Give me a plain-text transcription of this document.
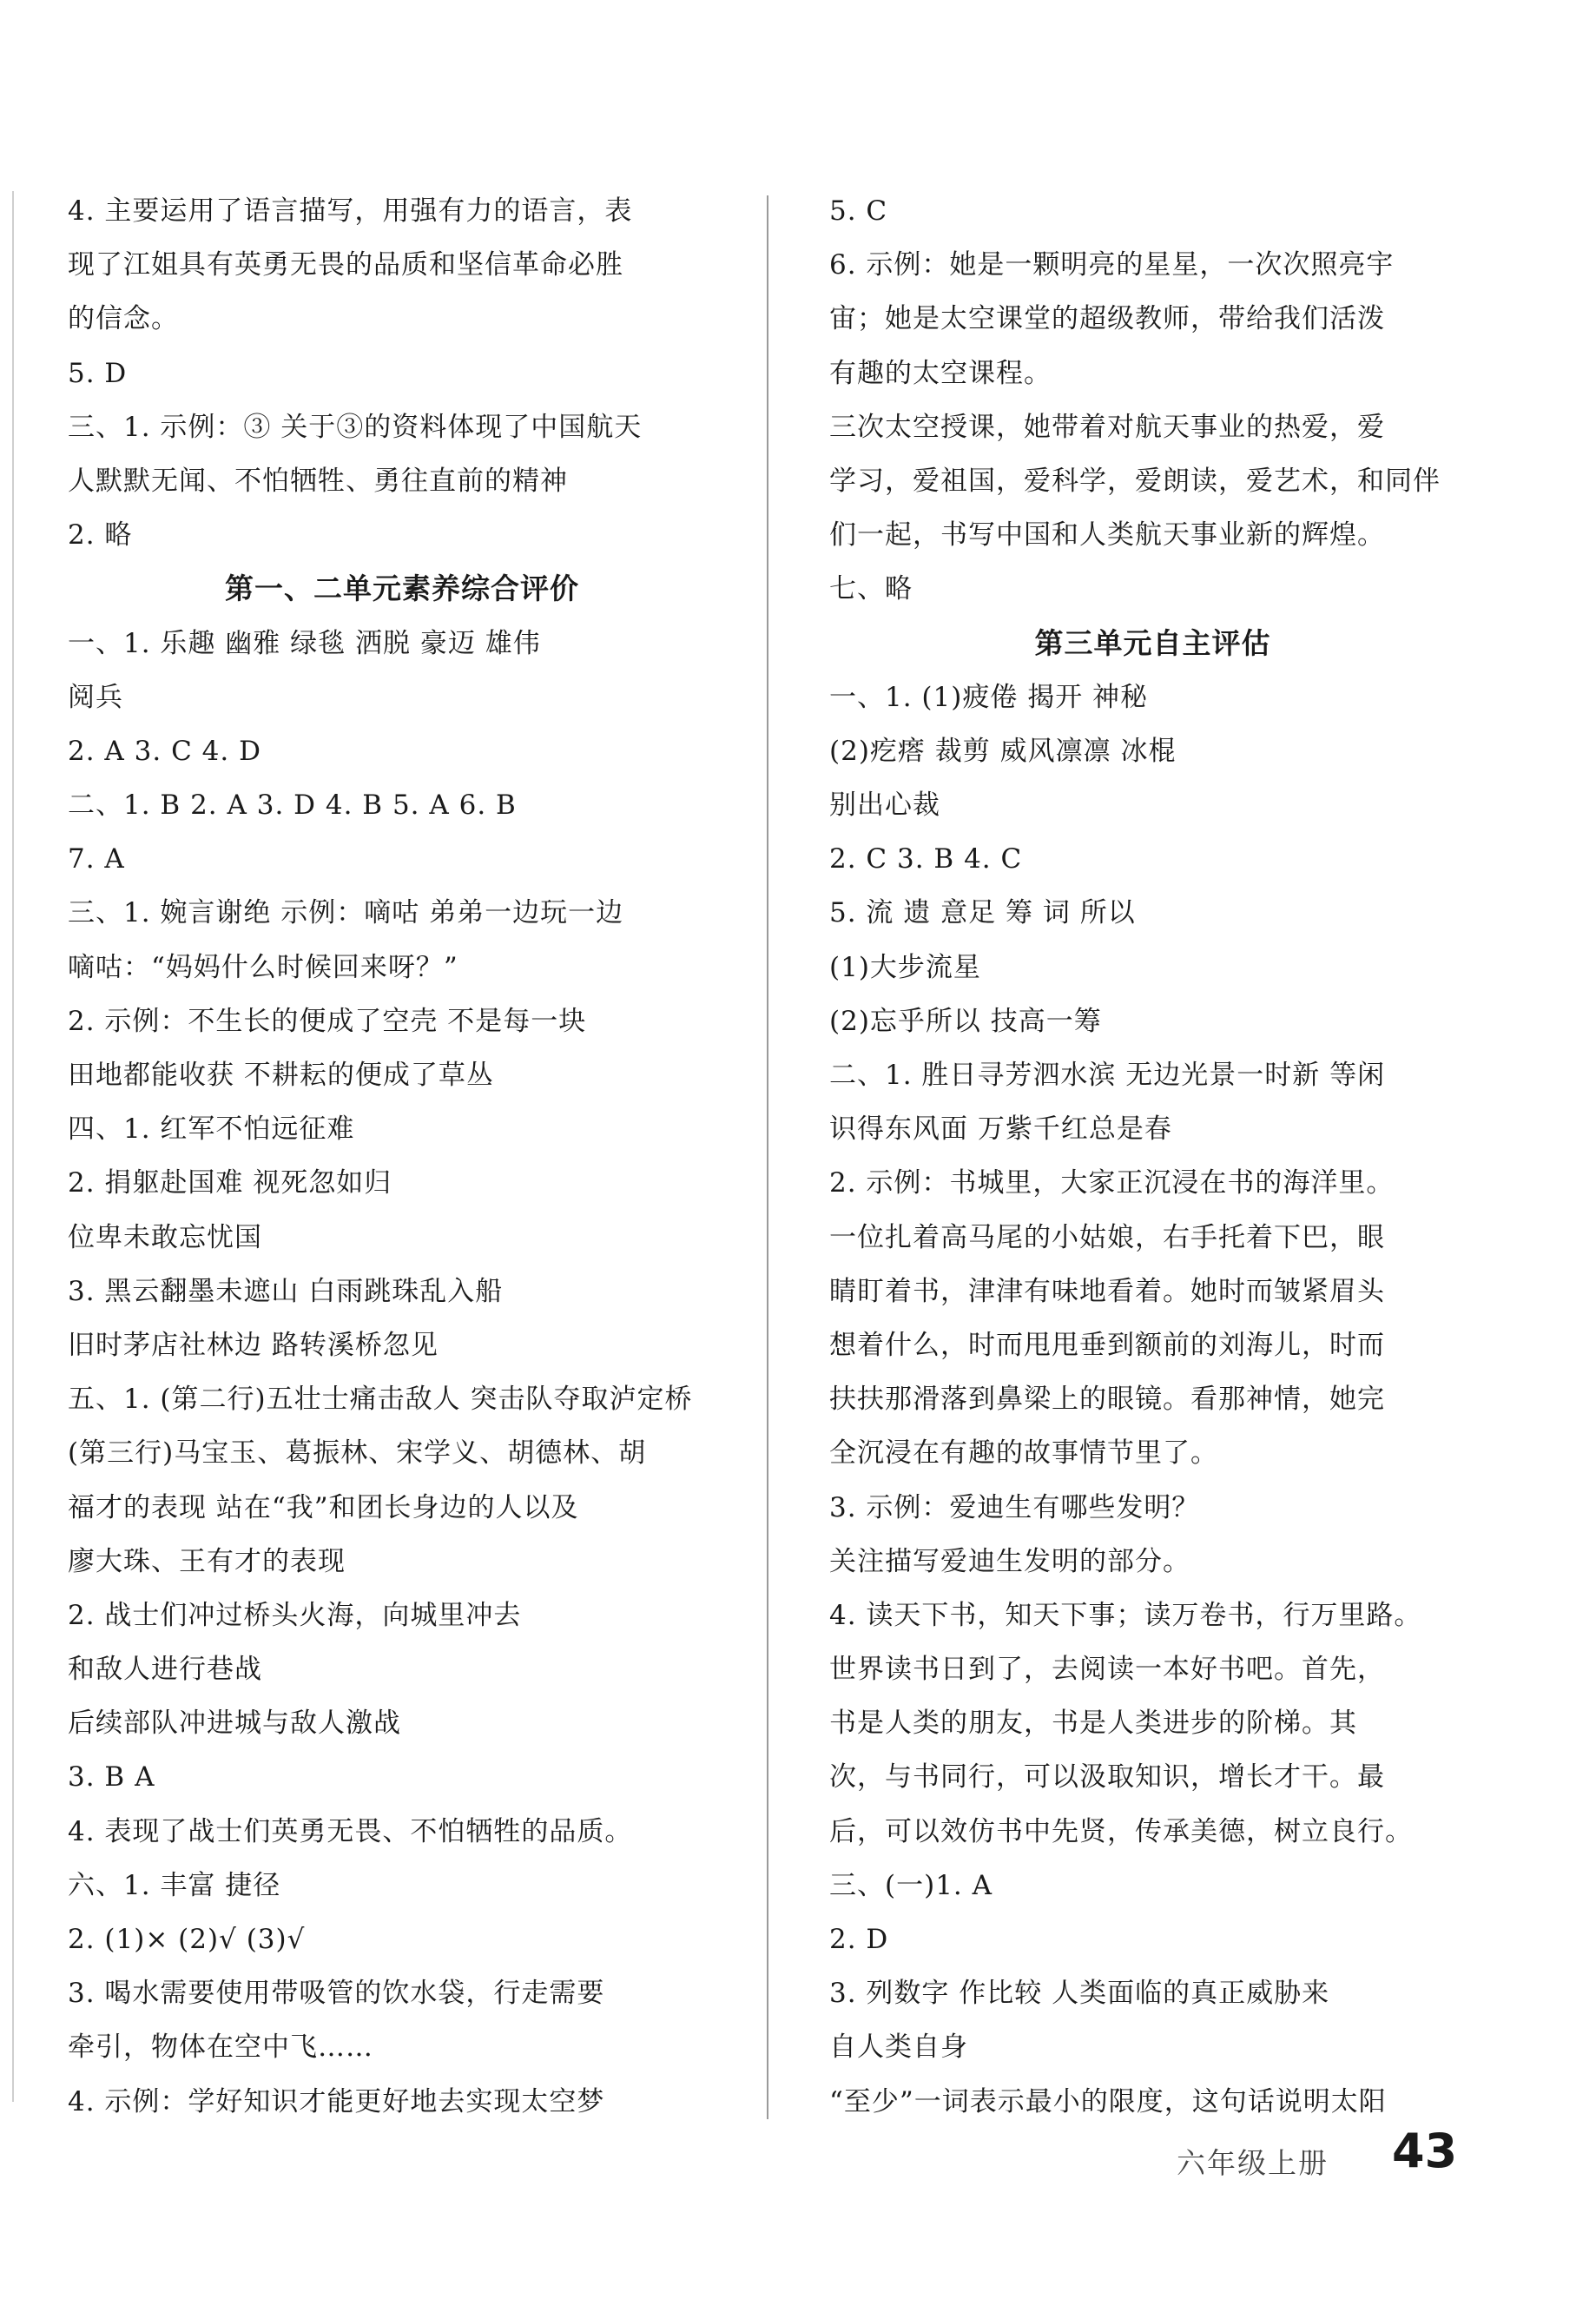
4. 主要运用了语言描写，用强有力的语言，表
现了江姐具有英勇无畏的品质和坚信革命必胜
的信念。
5. D
三、1. 示例：③ 关于③的资料体现了中国航天
人默默无闻、不怕牺牲、勇往直前的精神
2. 略
第一、二单元素养综合评价
一、1. 乐趣 幽雅 绿毯 洒脱 豪迈 雄伟
阅兵
2. A 3. C 4. D
二、1. B 2. A 3. D 4. B 5. A 6. B
7. A
三、1. 婉言谢绝 示例：嘀咕 弟弟一边玩一边
嘀咕：“妈妈什么时候回来呀？”
2. 示例：不生长的便成了空壳 不是每一块
田地都能收获 不耕耘的便成了草丛
四、1. 红军不怕远征难
2. 捐躯赴国难 视死忽如归
位卑未敢忘忧国
3. 黑云翻墨未遮山 白雨跳珠乱入船
旧时茅店社林边 路转溪桥忽见
五、1. (第二行)五壮士痛击敌人 突击队夺取泸定桥
(第三行)马宝玉、葛振林、宋学义、胡德林、胡
福才的表现 站在“我”和团长身边的人以及
廖大珠、王有才的表现
2. 战士们冲过桥头火海，向城里冲去
和敌人进行巷战
后续部队冲进城与敌人激战
3. B A
4. 表现了战士们英勇无畏、不怕牺牲的品质。
六、1. 丰富 捷径
2. (1)× (2)√ (3)√
3. 喝水需要使用带吸管的饮水袋，行走需要
牵引，物体在空中飞……
4. 示例：学好知识才能更好地去实现太空梦
5. C
6. 示例：她是一颗明亮的星星，一次次照亮宇
宙；她是太空课堂的超级教师，带给我们活泼
有趣的太空课程。
三次太空授课，她带着对航天事业的热爱，爱
学习，爱祖国，爱科学，爱朗读，爱艺术，和同伴
们一起，书写中国和人类航天事业新的辉煌。
七、略
第三单元自主评估
一、1. (1)疲倦 揭开 神秘
(2)疙瘩 裁剪 威风凛凛 冰棍
别出心裁
2. C 3. B 4. C
5. 流 遗 意足 筹 词 所以
(1)大步流星
(2)忘乎所以 技高一筹
二、1. 胜日寻芳泗水滨 无边光景一时新 等闲
识得东风面 万紫千红总是春
2. 示例：书城里，大家正沉浸在书的海洋里。
一位扎着高马尾的小姑娘，右手托着下巴，眼
睛盯着书，津津有味地看着。她时而皱紧眉头
想着什么，时而甩甩垂到额前的刘海儿，时而
扶扶那滑落到鼻梁上的眼镜。看那神情，她完
全沉浸在有趣的故事情节里了。
3. 示例：爱迪生有哪些发明？
关注描写爱迪生发明的部分。
4. 读天下书，知天下事；读万卷书，行万里路。
世界读书日到了，去阅读一本好书吧。首先，
书是人类的朋友，书是人类进步的阶梯。其
次，与书同行，可以汲取知识，增长才干。最
后，可以效仿书中先贤，传承美德，树立良行。
三、(一)1. A
2. D
3. 列数字 作比较 人类面临的真正威胁来
自人类自身
“至少”一词表示最小的限度，这句话说明太阳
六年级上册 43
